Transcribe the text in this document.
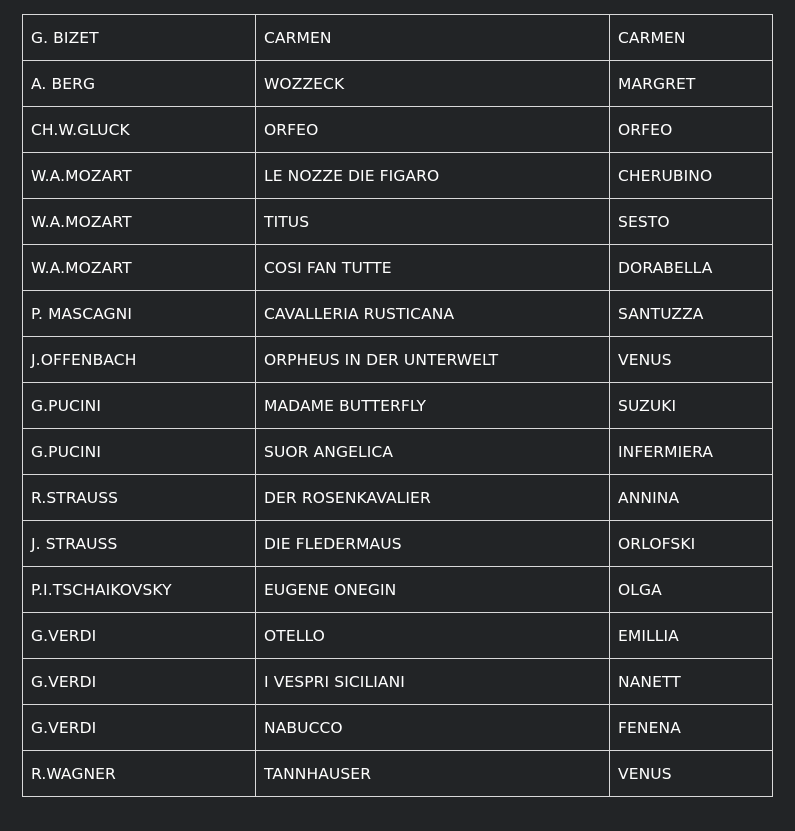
G. BIZET	CARMEN	CARMEN
A. BERG	WOZZECK	MARGRET
CH.W.GLUCK	ORFEO	ORFEO
W.A.MOZART	LE NOZZE DIE FIGARO	CHERUBINO
W.A.MOZART	TITUS	SESTO
W.A.MOZART	COSI FAN TUTTE	DORABELLA
P. MASCAGNI	CAVALLERIA RUSTICANA	SANTUZZA
J.OFFENBACH	ORPHEUS IN DER UNTERWELT	VENUS
G.PUCINI	MADAME BUTTERFLY	SUZUKI
G.PUCINI	SUOR ANGELICA	INFERMIERA
R.STRAUSS	DER ROSENKAVALIER	ANNINA
J. STRAUSS	DIE FLEDERMAUS	ORLOFSKI
P.I.TSCHAIKOVSKY	EUGENE ONEGIN	OLGA
G.VERDI	OTELLO	EMILLIA
G.VERDI	I VESPRI SICILIANI	NANETT
G.VERDI	NABUCCO	FENENA
R.WAGNER	TANNHAUSER	VENUS
